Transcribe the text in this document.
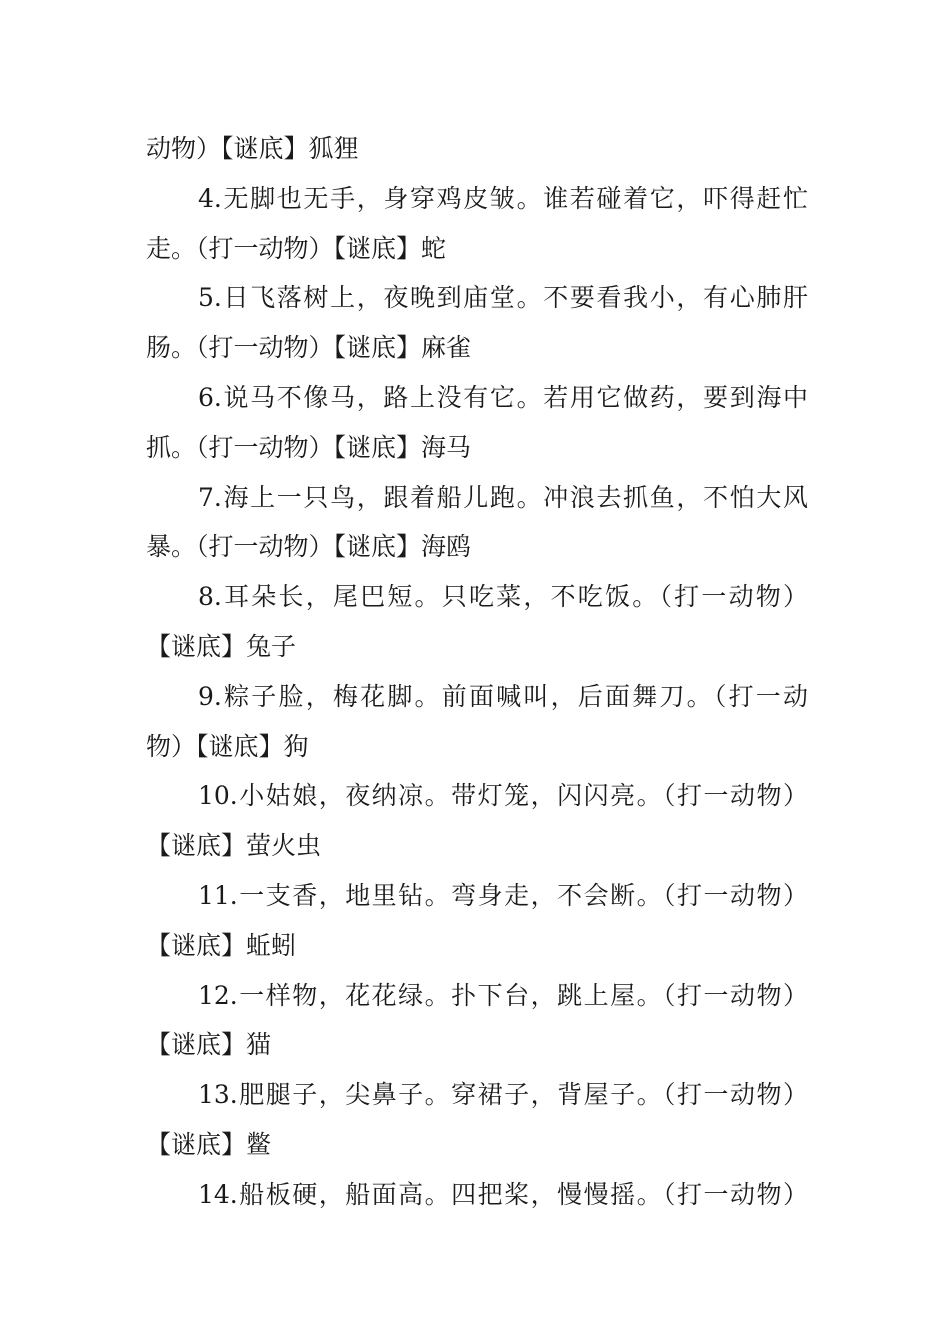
动物）【谜底】狐狸
4.无脚也无手，身穿鸡皮皱。谁若碰着它，吓得赶忙
走。（打一动物）【谜底】蛇
5.日飞落树上，夜晚到庙堂。不要看我小，有心肺肝
肠。（打一动物）【谜底】麻雀
6.说马不像马，路上没有它。若用它做药，要到海中
抓。（打一动物）【谜底】海马
7.海上一只鸟，跟着船儿跑。冲浪去抓鱼，不怕大风
暴。（打一动物）【谜底】海鸥
8.耳朵长，尾巴短。只吃菜，不吃饭。（打一动物）
【谜底】兔子
9.粽子脸，梅花脚。前面喊叫，后面舞刀。（打一动
物）【谜底】狗
10.小姑娘，夜纳凉。带灯笼，闪闪亮。（打一动物）
【谜底】萤火虫
11.一支香，地里钻。弯身走，不会断。（打一动物）
【谜底】蚯蚓
12.一样物，花花绿。扑下台，跳上屋。（打一动物）
【谜底】猫
13.肥腿子，尖鼻子。穿裙子，背屋子。（打一动物）
【谜底】鳖
14.船板硬，船面高。四把桨，慢慢摇。（打一动物）
